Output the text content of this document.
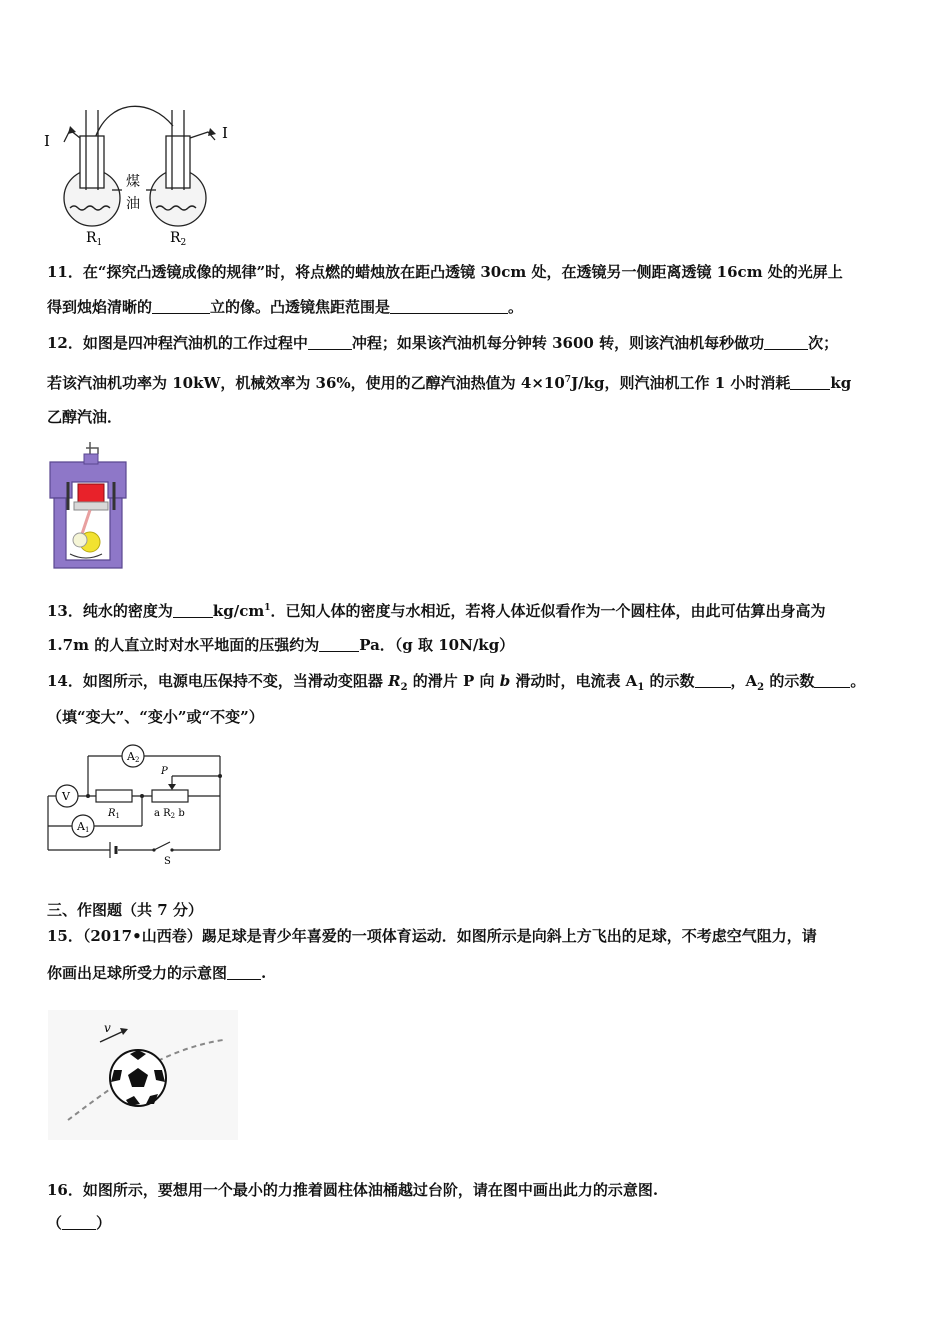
I	I
煤
油
$R_1$	$R_2$
11．在“探究凸透镜成像的规律”时，将点燃的蜡烛放在距凸透镜 30cm 处，在透镜另一侧距离透镜 16cm 处的光屏上
得到烛焰清晰的	立的像。凸透镜焦距范围是	。
12．如图是四冲程汽油机的工作过程中	冲程；如果该汽油机每分钟转 3600 转，则该汽油机每秒做功	次；
若该汽油机功率为 10kW，机械效率为 36%，使用的乙醇汽油热值为 $4\times 10^7J/kg$，则汽油机工作 1 小时消耗	kg
乙醇汽油．
13．纯水的密度为	$kg/cm^1$．已知人体的密度与水相近，若将人体近似看作为一个圆柱体，由此可估算出身高为
1.7m 的人直立时对水平地面的压强约为	Pa．（g 取 10N/kg）
14．如图所示，电源电压保持不变，当滑动变阻器 $R_2$ 的滑片 P 向 b 滑动时，电流表 $A_1$ 的示数 ，$A_2$ 的示数 。
（填“变大”、“变小”或“不变”）
A2
V
A1
$R_1$
P
a $R_2$ b
S
三、作图题（共 7 分）
15．（2017•山西卷）踢足球是青少年喜爱的一项体育运动．如图所示是向斜上方飞出的足球，不考虑空气阻力，请
你画出足球所受力的示意图 .
v
16．如图所示，要想用一个最小的力推着圆柱体油桶越过台阶，请在图中画出此力的示意图.
（ ）
